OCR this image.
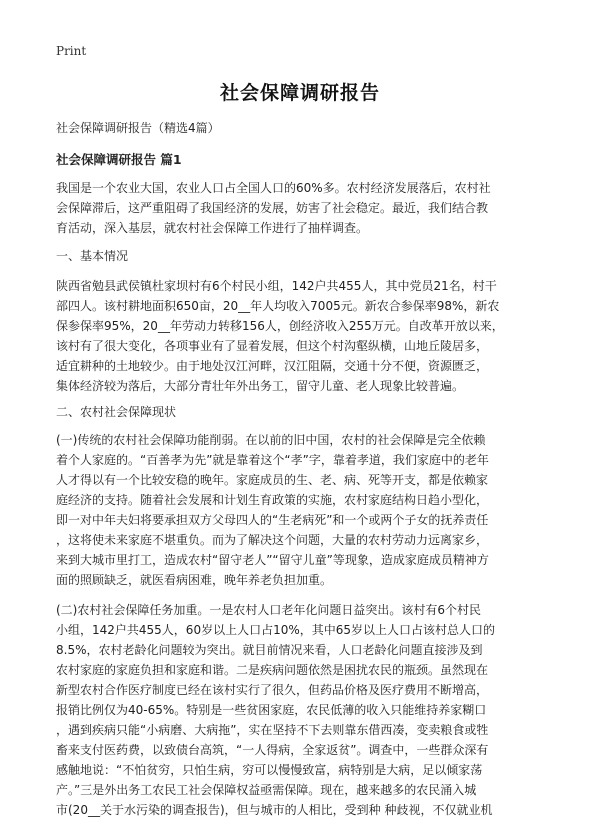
Print
社会保障调研报告
社会保障调研报告（精选4篇）
社会保障调研报告 篇1
我国是一个农业大国，农业人口占全国人口的60%多。农村经济发展落后，农村社
会保障滞后，这严重阻碍了我国经济的发展，妨害了社会稳定。最近，我们结合教
育活动，深入基层，就农村社会保障工作进行了抽样调查。
一、基本情况
陕西省勉县武侯镇杜家坝村有6个村民小组，142户共455人，其中党员21名，村干
部四人。该村耕地面积650亩，20__年人均收入7005元。新农合参保率98%，新农
保参保率95%，20__年劳动力转移156人，创经济收入255万元。自改革开放以来，
该村有了很大变化，各项事业有了显着发展，但这个村沟壑纵横，山地丘陵居多，
适宜耕种的土地较少。由于地处汉江河畔，汉江阻隔，交通十分不便，资源匮乏，
集体经济较为落后，大部分青壮年外出务工，留守儿童、老人现象比较普遍。
二、农村社会保障现状
(一)传统的农村社会保障功能削弱。在以前的旧中国，农村的社会保障是完全依赖
着个人家庭的。“百善孝为先”就是靠着这个“孝”字，靠着孝道，我们家庭中的老年
人才得以有一个比较安稳的晚年。家庭成员的生、老、病、死等开支，都是依赖家
庭经济的支持。随着社会发展和计划生育政策的实施，农村家庭结构日趋小型化，
即一对中年夫妇将要承担双方父母四人的“生老病死”和一个或两个子女的抚养责任
，这将使未来家庭不堪重负。而为了解决这个问题，大量的农村劳动力远离家乡，
来到大城市里打工，造成农村“留守老人”“留守儿童”等现象，造成家庭成员精神方
面的照顾缺乏，就医看病困难，晚年养老负担加重。
(二)农村社会保障任务加重。一是农村人口老年化问题日益突出。该村有6个村民
小组，142户共455人，60岁以上人口占10%，其中65岁以上人口占该村总人口的
8.5%，农村老龄化问题较为突出。就目前情况来看，人口老龄化问题直接涉及到
农村家庭的家庭负担和家庭和谐。二是疾病问题依然是困扰农民的瓶颈。虽然现在
新型农村合作医疗制度已经在该村实行了很久，但药品价格及医疗费用不断增高，
报销比例仅为40-65%。特别是一些贫困家庭，农民低薄的收入只能维持养家糊口
，遇到疾病只能“小病磨、大病拖”，实在坚持不下去则靠东借西凑，变卖粮食或牲
畜来支付医药费，以致债台高筑，“一人得病，全家返贫”。调查中，一些群众深有
感触地说：“不怕贫穷，只怕生病，穷可以慢慢致富，病特别是大病，足以倾家荡
产。”三是外出务工农民工社会保障权益亟需保障。现在，越来越多的农民涌入城
市(20__关于水污染的调查报告)，但与城市的人相比，受到种 种歧视，不仅就业机
